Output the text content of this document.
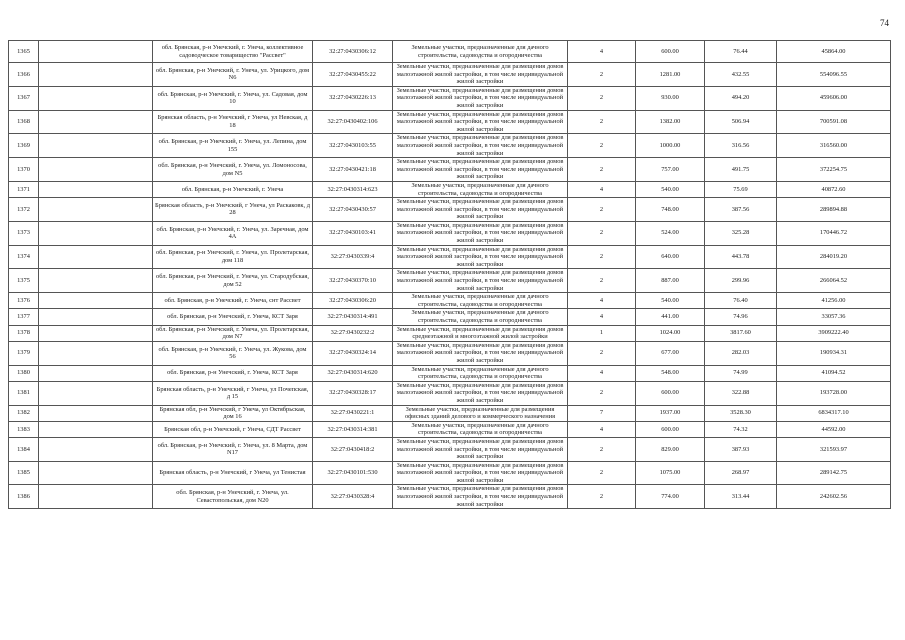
74
1365		обл. Брянская, р-н Унечский, г. Унеча, коллективное садоводческое товарищество "Рассвет"	32:27:0430306:12	Земельные участки, предназначенные для дачного строительства, садоводства и огородничества	4	600.00	76.44	45864.00
1366		обл. Брянская, р-н Унечский, г. Унеча, ул. Урицкого, дом N6	32:27:0430455:22	Земельные участки, предназначенные для размещения домов малоэтажной жилой застройки, в том числе индивидуальной жилой застройки	2	1281.00	432.55	554096.55
1367		обл. Брянская, р-н Унечский, г. Унеча, ул. Садовая, дом 10	32:27:0430226:13	Земельные участки, предназначенные для размещения домов малоэтажной жилой застройки, в том числе индивидуальной жилой застройки	2	930.00	494.20	459606.00
1368		Брянская область, р-н Унечский, г Унеча, ул Невская, д 18	32:27:0430402:106	Земельные участки, предназначенные для размещения домов малоэтажной жилой застройки, в том числе индивидуальной жилой застройки	2	1382.00	506.94	700591.08
1369		обл. Брянская, р-н Унечский, г. Унеча, ул. Лепина, дом 155	32:27:0430103:55	Земельные участки, предназначенные для размещения домов малоэтажной жилой застройки, в том числе индивидуальной жилой застройки	2	1000.00	316.56	316560.00
1370		обл. Брянская, р-н Унечский, г. Унеча, ул. Ломоносова, дом N5	32:27:0430421:18	Земельные участки, предназначенные для размещения домов малоэтажной жилой застройки, в том числе индивидуальной жилой застройки	2	757.00	491.75	372254.75
1371		обл. Брянская, р-н Унечский, г. Унеча	32:27:0430314:623	Земельные участки, предназначенные для дачного строительства, садоводства и огородничества	4	540.00	75.69	40872.60
1372		Брянская область, р-н Унечский, г Унеча, ул Раскаковк, д 28	32:27:0430430:57	Земельные участки, предназначенные для размещения домов малоэтажной жилой застройки, в том числе индивидуальной жилой застройки	2	748.00	387.56	289894.88
1373		обл. Брянская, р-н Унечский, г. Унеча, ул. Заречная, дом 4А	32:27:0430103:41	Земельные участки, предназначенные для размещения домов малоэтажной жилой застройки, в том числе индивидуальной жилой застройки	2	524.00	325.28	170446.72
1374		обл. Брянская, р-н Унечский, г. Унеча, ул. Пролетарская, дом 118	32:27:0430339:4	Земельные участки, предназначенные для размещения домов малоэтажной жилой застройки, в том числе индивидуальной жилой застройки	2	640.00	443.78	284019.20
1375		обл. Брянская, р-н Унечский, г. Унеча, ул. Стародубская, дом 52	32:27:0430370:10	Земельные участки, предназначенные для размещения домов малоэтажной жилой застройки, в том числе индивидуальной жилой застройки	2	887.00	299.96	266064.52
1376		обл. Брянская, р-н Унечский, г. Унеча, снт Рассвет	32:27:0430306:20	Земельные участки, предназначенные для дачного строительства, садоводства и огородничества	4	540.00	76.40	41256.00
1377		обл. Брянская, р-н Унечский, г. Унеча, КСТ Заря	32:27:0430314:491	Земельные участки, предназначенные для дачного строительства, садоводства и огородничества	4	441.00	74.96	33057.36
1378		обл. Брянская, р-н Унечский, г. Унеча, ул. Пролетарская, дом N7	32:27:0430232:2	Земельные участки, предназначенные для размещения домов среднеэтажной и многоэтажной жилой застройки	1	1024.00	3817.60	3909222.40
1379		обл. Брянская, р-н Унечский, г. Унеча, ул. Жукова, дом 56	32:27:0430324:14	Земельные участки, предназначенные для размещения домов малоэтажной жилой застройки, в том числе индивидуальной жилой застройки	2	677.00	282.03	190934.31
1380		обл. Брянская, р-н Унечский, г. Унеча, КСТ Заря	32:27:0430314:620	Земельные участки, предназначенные для дачного строительства, садоводства и огородничества	4	548.00	74.99	41094.52
1381		Брянская область, р-н Унечский, г Унеча, ул Почепская, д 15	32:27:0430328:17	Земельные участки, предназначенные для размещения домов малоэтажной жилой застройки, в том числе индивидуальной жилой застройки	2	600.00	322.88	193728.00
1382		Брянская обл, р-н Унечский, г Унеча, ул Октябрьская, дом 16	32:27:0430221:1	Земельные участки, предназначенные для размещения офисных зданий делового и коммерческого назначения	7	1937.00	3528.30	6834317.10
1383		Брянская обл, р-н Унечский, г Унеча, СДТ Рассвет	32:27:0430314:381	Земельные участки, предназначенные для дачного строительства, садоводства и огородничества	4	600.00	74.32	44592.00
1384		обл. Брянская, р-н Унечский, г. Унеча, ул. 8 Марта, дом N17	32:27:0430418:2	Земельные участки, предназначенные для размещения домов малоэтажной жилой застройки, в том числе индивидуальной жилой застройки	2	829.00	387.93	321593.97
1385		Брянская область, р-н Унечский, г Унеча, ул Тенистая	32:27:0430101:530	Земельные участки, предназначенные для размещения домов малоэтажной жилой застройки, в том числе индивидуальной жилой застройки	2	1075.00	268.97	289142.75
1386		обл. Брянская, р-н Унечский, г. Унеча, ул. Севастопольская, дом N20	32:27:0430328:4	Земельные участки, предназначенные для размещения домов малоэтажной жилой застройки, в том числе индивидуальной жилой застройки	2	774.00	313.44	242602.56
